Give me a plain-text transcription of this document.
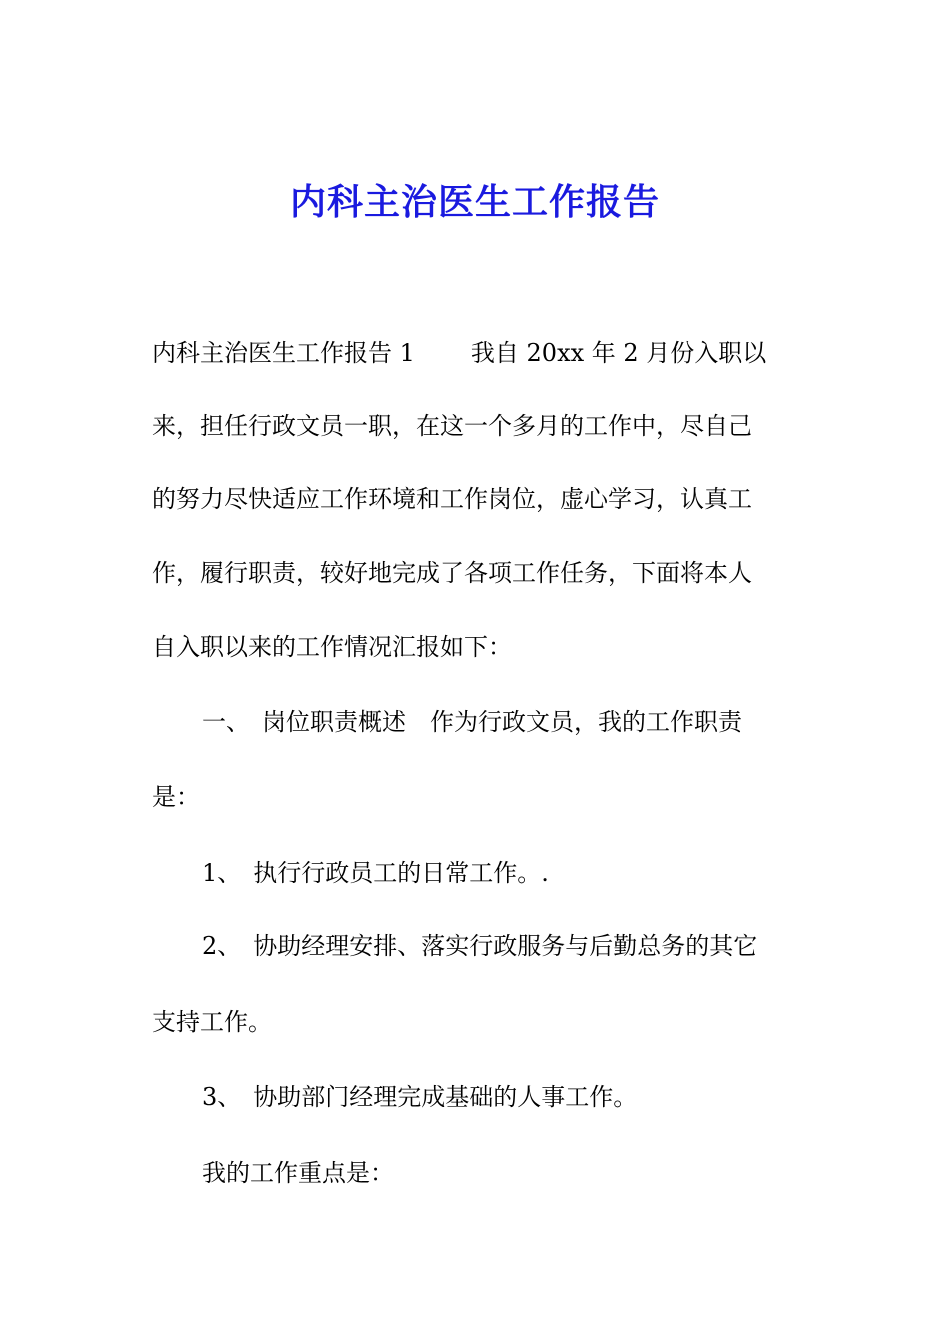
内科主治医生工作报告
内科主治医生工作报告 1 我自 20xx 年 2 月份入职以
来，担任行政文员一职，在这一个多月的工作中，尽自己
的努力尽快适应工作环境和工作岗位，虚心学习，认真工
作，履行职责，较好地完成了各项工作任务，下面将本人
自入职以来的工作情况汇报如下：
一、　岗位职责概述　作为行政文员，我的工作职责
是：
1、　执行行政员工的日常工作。.
2、　协助经理安排、落实行政服务与后勤总务的其它
支持工作。
3、　协助部门经理完成基础的人事工作。
我的工作重点是：
